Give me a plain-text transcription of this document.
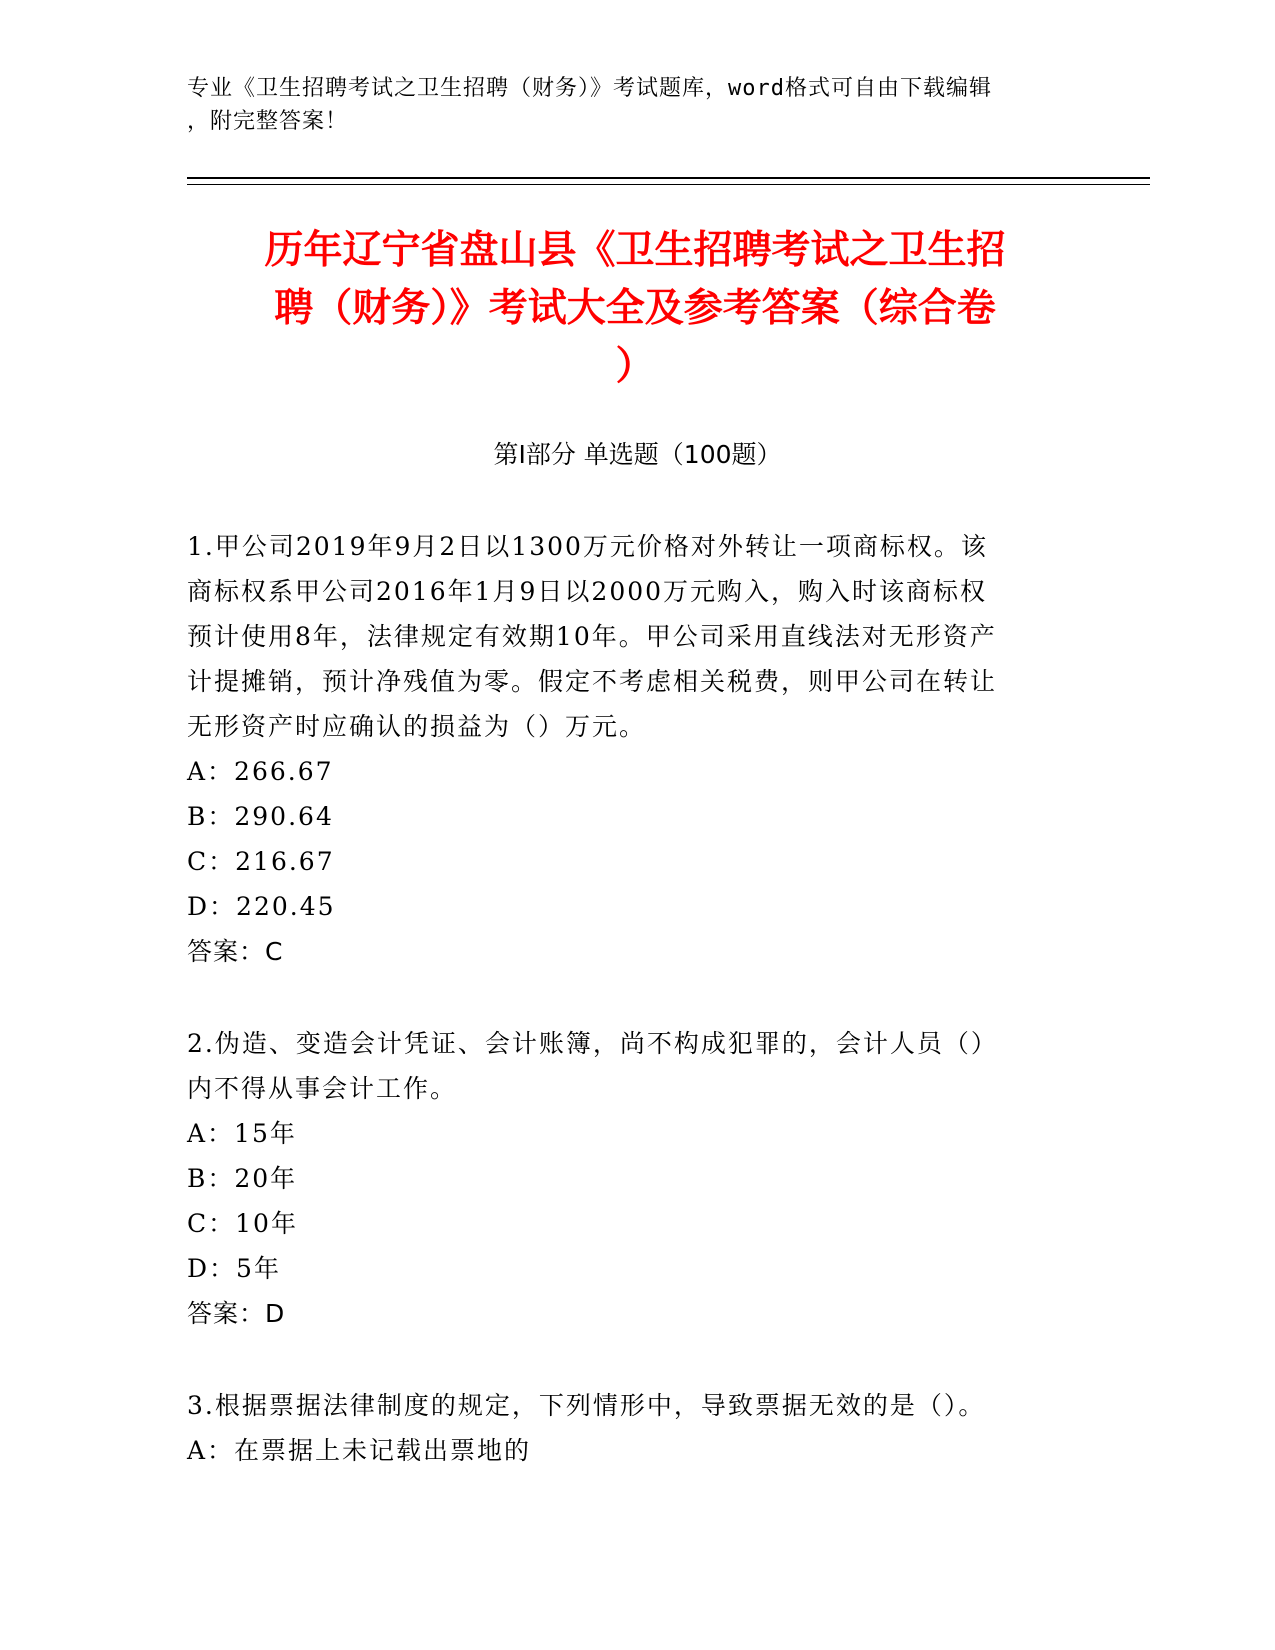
专业《卫生招聘考试之卫生招聘（财务）》考试题库，word格式可自由下载编辑
，附完整答案！
历年辽宁省盘山县《卫生招聘考试之卫生招
聘（财务）》考试大全及参考答案（综合卷
）
第Ⅰ部分 单选题（100题）

1.甲公司2019年9月2日以1300万元价格对外转让一项商标权。该

商标权系甲公司2016年1月9日以2000万元购入，购入时该商标权

预计使用8年，法律规定有效期10年。甲公司采用直线法对无形资产

计提摊销，预计净残值为零。假定不考虑相关税费，则甲公司在转让

无形资产时应确认的损益为（）万元。

A：266.67

B：290.64

C：216.67

D：220.45

答案：C

2.伪造、变造会计凭证、会计账簿，尚不构成犯罪的，会计人员（）

内不得从事会计工作。

A：15年

B：20年

C：10年

D：5年

答案：D

3.根据票据法律制度的规定，下列情形中，导致票据无效的是（）。

A：在票据上未记载出票地的
